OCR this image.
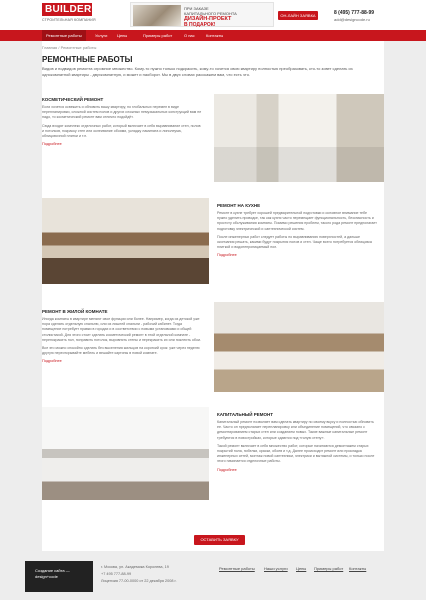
BUILDER
СТРОИТЕЛЬНАЯ КОМПАНИЯ
ПРИ ЗАКАЗЕ
КАПИТАЛЬНОГО РЕМОНТА
ДИЗАЙН-ПРОЕКТ
В ПОДАРОК!
ОН-ЛАЙН ЗАЯВКА	8 (495) 777-88-99
add@designcode.ru
Ремонтные работы	Услуги Цены	Примеры работ	О нас	Контакты
Главная / Ремонтные работы
РЕМОНТНЫЕ РАБОТЫ
Видов и подвидов ремонта огромное множество. Кому-то нужно только подкрасить, кому-то хочется свою квартиру полностью преобразовать, кто-то зовет сделать из однокомнатной квартиры - двухкомнатную, и может и наоборот. Мы в двух словах расскажем вам, что есть что.
КОСМЕТИЧЕСКИЙ РЕМОНТ
Если хочется освежить и обновить вашу квартиру, но глобальных перемен в виде перепланировки, сложной систем полов и других сложных немузыкальных конструкций вам не надо, то косметический ремонт вам отлично подойдёт.
Сюда входят комплекс отделочных работ, который включает в себя выравнивание стен, полов и потолков, покраску стен или оклеивание обоями, укладку ламината и линолеума, облицовочной плитки и т.п.
Подробнее
РЕМОНТ НА КУХНЕ
Ремонт в кухне требует хорошей предварительной подготовки и основное внимание тебе нужно уделить проводке, так как кухня часто перемещает функциональность, безопасность и простоту обслуживания комнаты. Помимо решения проблем, такого рода ремонт предполагает подготовку электрической и сантехнической систем.
После инженерных работ следует работы по выравниванию поверхностей, а дальше окончания решать, какими будут покрытия полов и стен. Чаще всего потребуется облицовка плиткой и водонепроницаемый пол.
Подробнее
РЕМОНТ В ЖИЛОЙ КОМНАТЕ
Иногда комнаты в квартире меняют свое функции или более. Например, когда из детской уже пора сделать отдельную спальню, или из лишней спальни - рабочий кабинет. Тогда помещение потребует правки в городах и в соответствии с новыми установками и общей стилистикой. Для этого стоит сделать косметический ремонт в этой отдельной комнате - перепокрасить пол, поправить потолок, выровнять стены и перекрасить их или поклеить обои.
Все это можно спокойно сделать без выселения жильцов на короткий срок: уже через неделю другую переоткрывайте мебель и вешайте картины в новой комнате.
Подробнее
КАПИТАЛЬНЫЙ РЕМОНТ
Капитальный ремонт позволяет вам сделать квартиру по своему вкусу и полностью обновить ее. Часто он предполагает перепланировку или объединение помещений, что связано с демонтированием старых стен или созданием новых. Такие важные капитальные ремонт требуются в новостройках, которые сдаются под «голую стену».
Такой ремонт включает в себя множество работ, которые начинаются демонтажем старых покрытий пола, побелки, краски, обоев и т.д. Далее происходит ремонт или прокладка инженерных сетей, монтаж новой сантехники, электрики и вытяжной системы, и только после этого начинается отделочные работы.
Подробнее
ОСТАВИТЬ ЗАЯВКУ
Создание сайта —
design+code
г. Москва, ул. Академика Королева, 19
+7 495 777-88-99
Лицензия 77-00-0000 от 22 декабря 2008 г.
Ремонтные работы Наши услуги Цены Примеры работ Контакты
